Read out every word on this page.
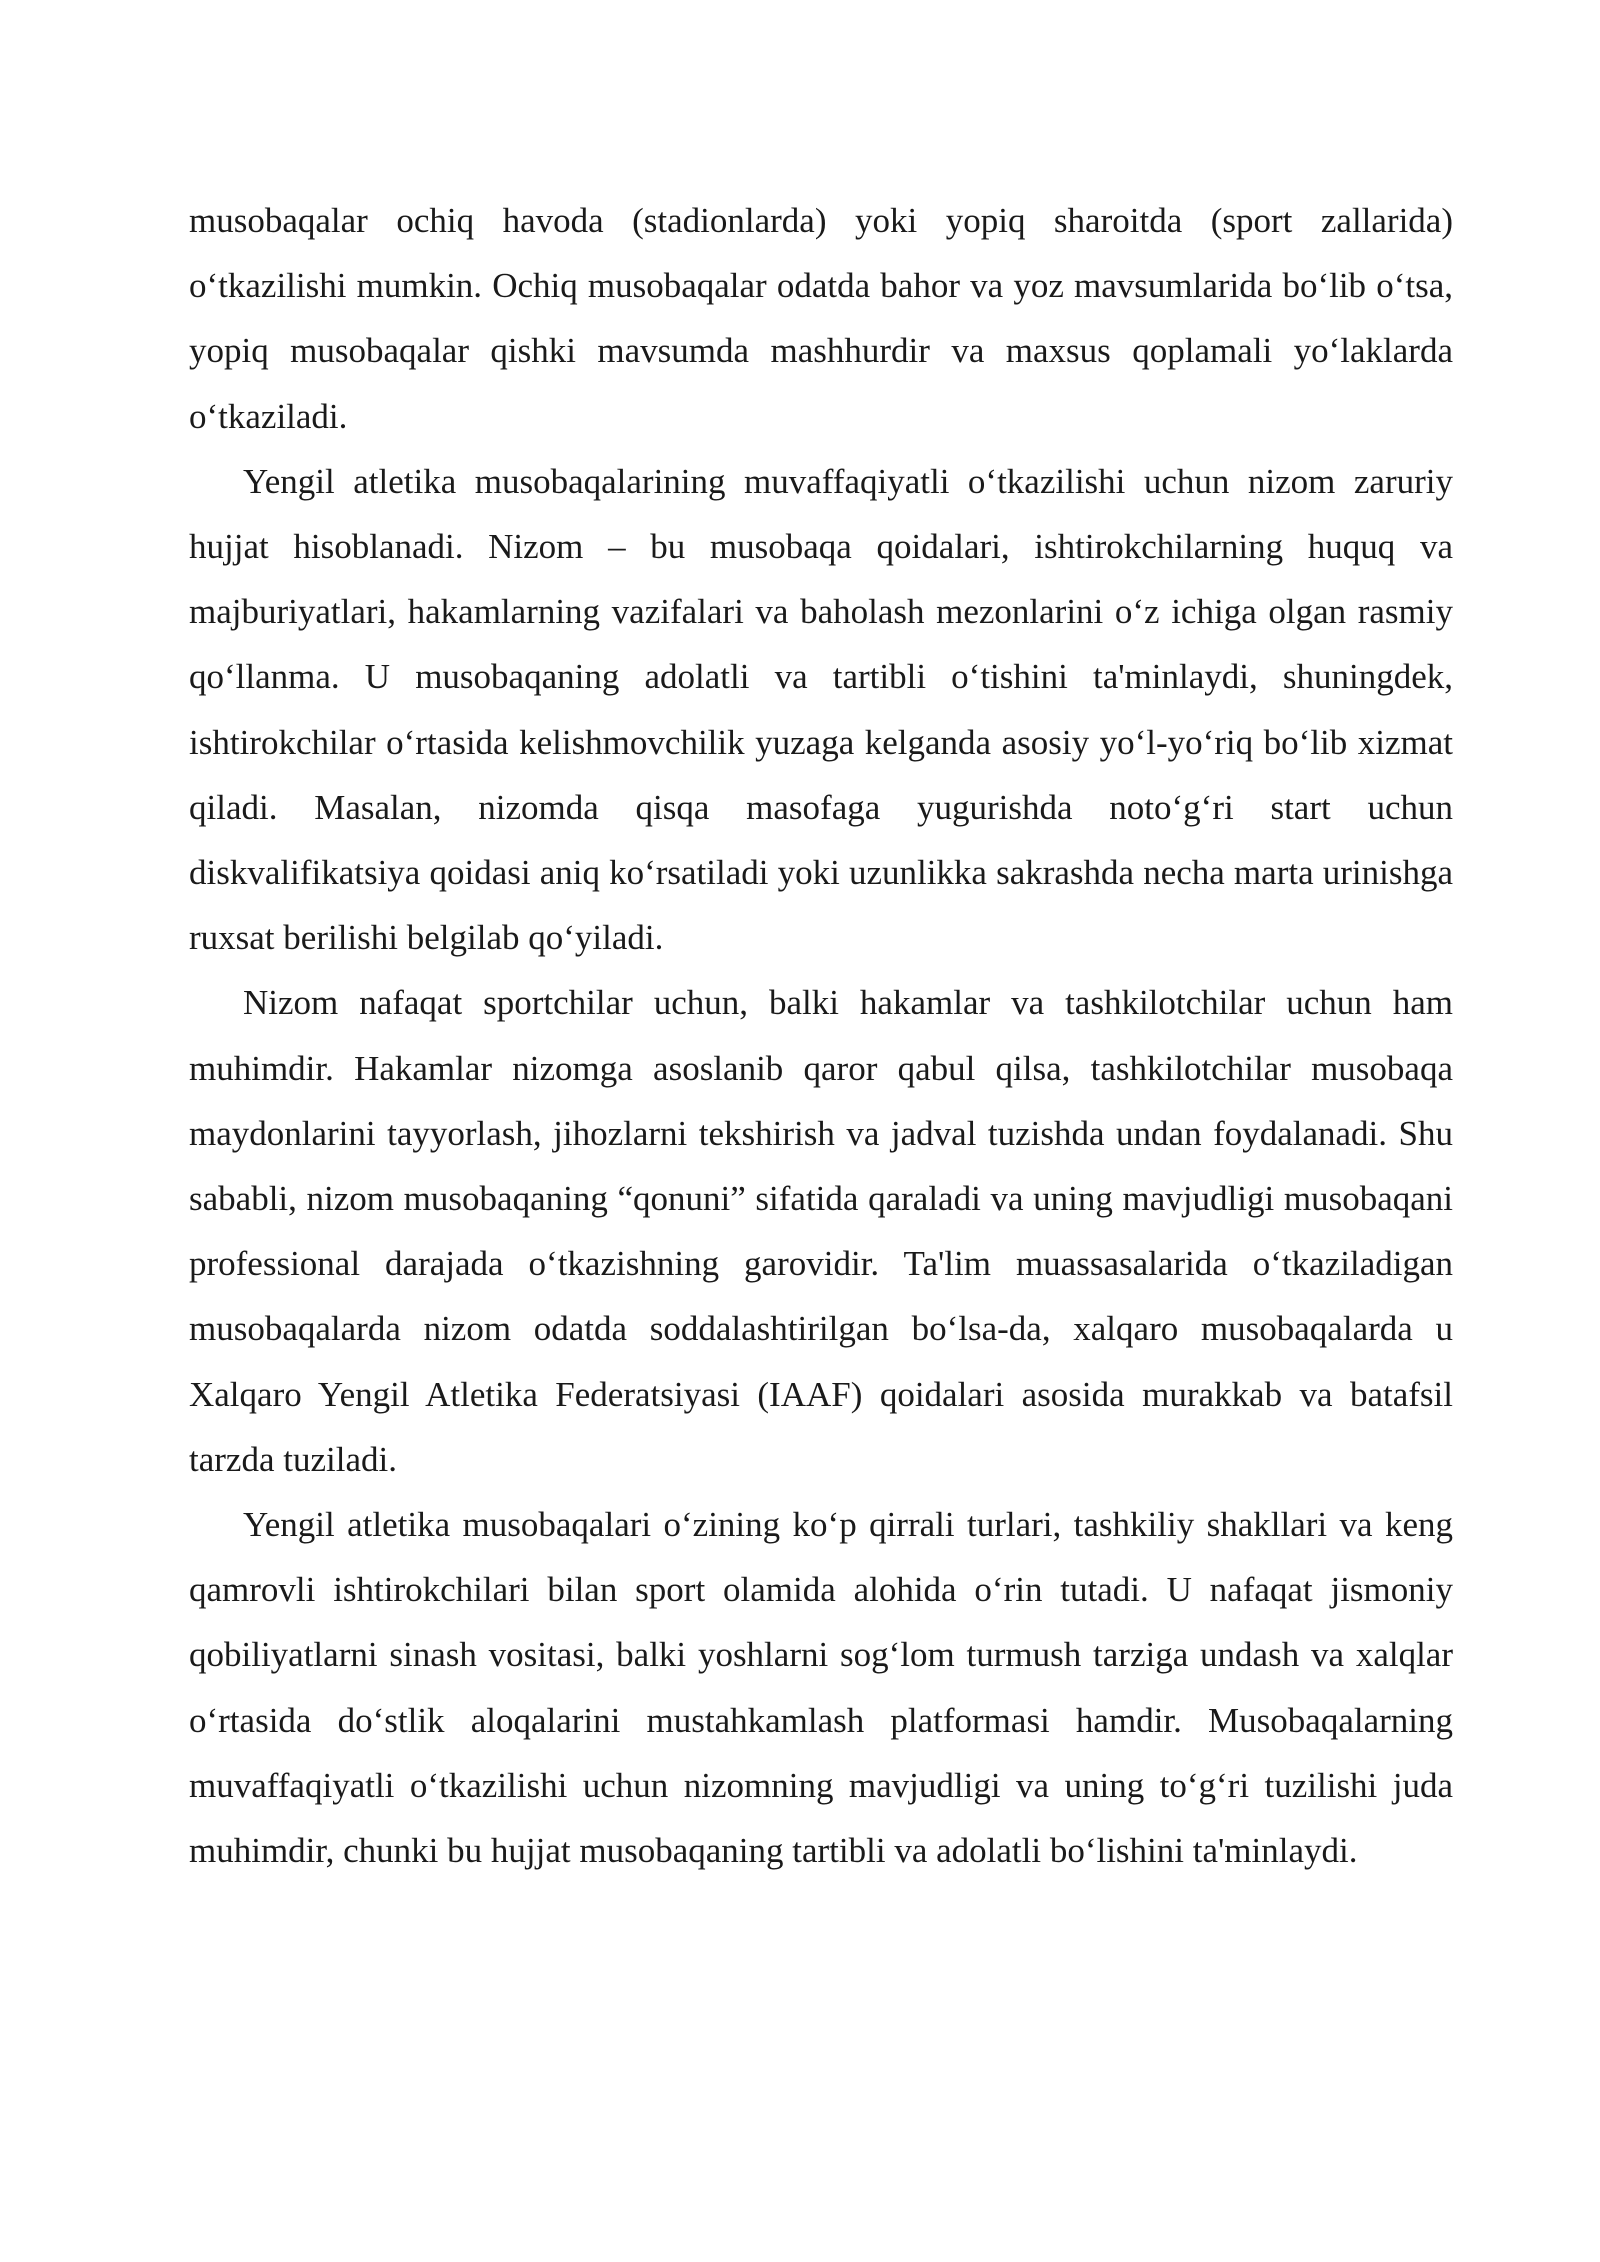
musobaqalar ochiq havoda (stadionlarda) yoki yopiq sharoitda (sport zallarida) o‘tkazilishi mumkin. Ochiq musobaqalar odatda bahor va yoz mavsumlarida bo‘lib o‘tsa, yopiq musobaqalar qishki mavsumda mashhurdir va maxsus qoplamali yo‘laklarda o‘tkaziladi.

Yengil atletika musobaqalarining muvaffaqiyatli o‘tkazilishi uchun nizom zaruriy hujjat hisoblanadi. Nizom – bu musobaqa qoidalari, ishtirokchilarning huquq va majburiyatlari, hakamlarning vazifalari va baholash mezonlarini o‘z ichiga olgan rasmiy qo‘llanma. U musobaqaning adolatli va tartibli o‘tishini ta'minlaydi, shuningdek, ishtirokchilar o‘rtasida kelishmovchilik yuzaga kelganda asosiy yo‘l-yo‘riq bo‘lib xizmat qiladi. Masalan, nizomda qisqa masofaga yugurishda noto‘g‘ri start uchun diskvalifikatsiya qoidasi aniq ko‘rsatiladi yoki uzunlikka sakrashda necha marta urinishga ruxsat berilishi belgilab qo‘yiladi.

Nizom nafaqat sportchilar uchun, balki hakamlar va tashkilotchilar uchun ham muhimdir. Hakamlar nizomga asoslanib qaror qabul qilsa, tashkilotchilar musobaqa maydonlarini tayyorlash, jihozlarni tekshirish va jadval tuzishda undan foydalanadi. Shu sababli, nizom musobaqaning “qonuni” sifatida qaraladi va uning mavjudligi musobaqani professional darajada o‘tkazishning garovidir. Ta'lim muassasalarida o‘tkaziladigan musobaqalarda nizom odatda soddalashtirilgan bo‘lsa-da, xalqaro musobaqalarda u Xalqaro Yengil Atletika Federatsiyasi (IAAF) qoidalari asosida murakkab va batafsil tarzda tuziladi.

Yengil atletika musobaqalari o‘zining ko‘p qirrali turlari, tashkiliy shakllari va keng qamrovli ishtirokchilari bilan sport olamida alohida o‘rin tutadi. U nafaqat jismoniy qobiliyatlarni sinash vositasi, balki yoshlarni sog‘lom turmush tarziga undash va xalqlar o‘rtasida do‘stlik aloqalarini mustahkamlash platformasi hamdir. Musobaqalarning muvaffaqiyatli o‘tkazilishi uchun nizomning mavjudligi va uning to‘g‘ri tuzilishi juda muhimdir, chunki bu hujjat musobaqaning tartibli va adolatli bo‘lishini ta'minlaydi.
